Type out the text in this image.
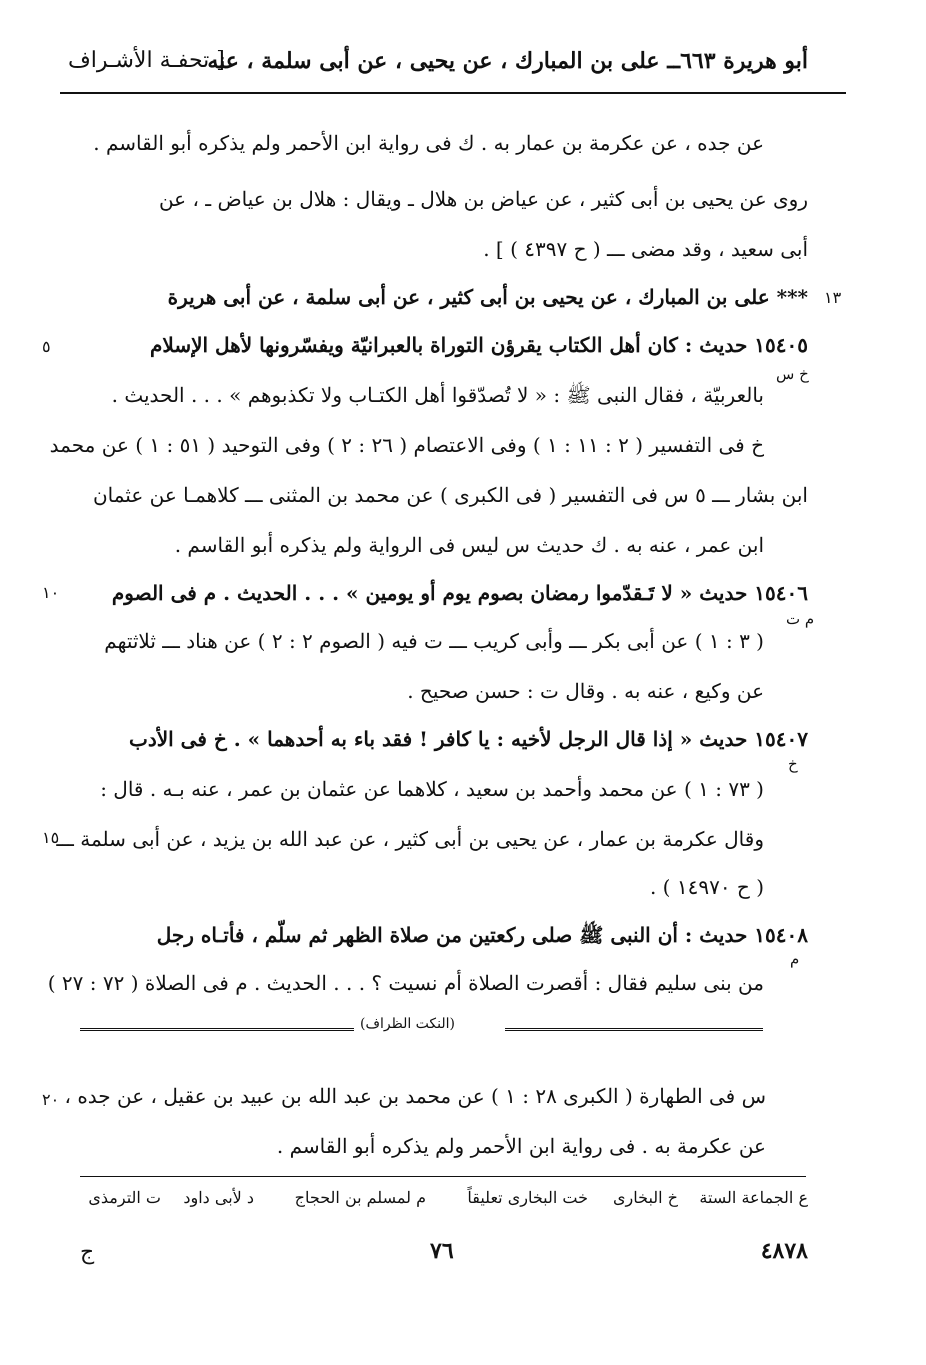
أبو هريرة ٦٦٣ــ على بن المبارك ، عن يحيى ، عن أبى سلمة ، عنه
[ تحفـة الأشـراف
عن جده ، عن عكرمة بن عمار به . ك فى رواية ابن الأحمر ولم يذكره أبو القاسم .
روى عن يحيى بن أبى كثير ، عن عياض بن هلال ـ ويقال : هلال بن عياض ـ ، عن
أبى سعيد ، وقد مضى ـــ ( ح ٤٣٩٧ ) ] .
*** على بن المبارك ، عن يحيى بن أبى كثير ، عن أبى سلمة ، عن أبى هريرة
١٥٤٠٥ حديث : كان أهل الكتاب يقرؤن التوراة بالعبرانيّة ويفسّرونها لأهل الإسلام
بالعربيّة ، فقال النبى ﷺ : « لا تُصدّقوا أهل الكتـاب ولا تكذبوهم » . . . الحديث .
خ فى التفسير ( ٢ : ١١ : ١ ) وفى الاعتصام ( ٢٦ : ٢ ) وفى التوحيد ( ٥١ : ١ ) عن محمد
ابن بشار ـــ ٥ س فى التفسير ( فى الكبرى ) عن محمد بن المثنى ـــ كلاهمـا عن عثمان
ابن عمر ، عنه به . ك حديث س ليس فى الرواية ولم يذكره أبو القاسم .
١٥٤٠٦ حديث « لا تَـقدّموا رمضان بصوم يوم أو يومين » . . . الحديث . م فى الصوم
( ٣ : ١ ) عن أبى بكر ـــ وأبى كريب ـــ ت فيه ( الصوم ٢ : ٢ ) عن هناد ـــ ثلاثتهم
عن وكيع ، عنه به . وقال ت : حسن صحيح .
١٥٤٠٧ حديث « إذا قال الرجل لأخيه : يا كافر ! فقد باء به أحدهما » . خ فى الأدب
( ٧٣ : ١ ) عن محمد وأحمد بن سعيد ، كلاهما عن عثمان بن عمر ، عنه بـه . قال :
وقال عكرمة بن عمار ، عن يحيى بن أبى كثير ، عن عبد الله بن يزيد ، عن أبى سلمة ـــ
( ح ١٤٩٧٠ ) .
١٥٤٠٨ حديث : أن النبى ﷺ صلى ركعتين من صلاة الظهر ثم سلّم ، فأتـاه رجل
من بنى سليم فقال : أقصرت الصلاة أم نسيت ؟ . . . الحديث . م فى الصلاة ( ٧٢ : ٢٧ )
(النكت الظراف)
س فى الطهارة ( الكبرى ٢٨ : ١ ) عن محمد بن عبد الله بن عبيد بن عقيل ، عن جده ،
عن عكرمة به . فى رواية ابن الأحمر ولم يذكره أبو القاسم .
١٣
٥
١٠
١٥
٢٠
خ س
م ت
خ
م
ع الجماعة الستة
خ البخارى
خت البخارى تعليقاً
م لمسلم بن الحجاج
د لأبى داود
ت الترمذى
٤٨٧٨
٧٦
ج
